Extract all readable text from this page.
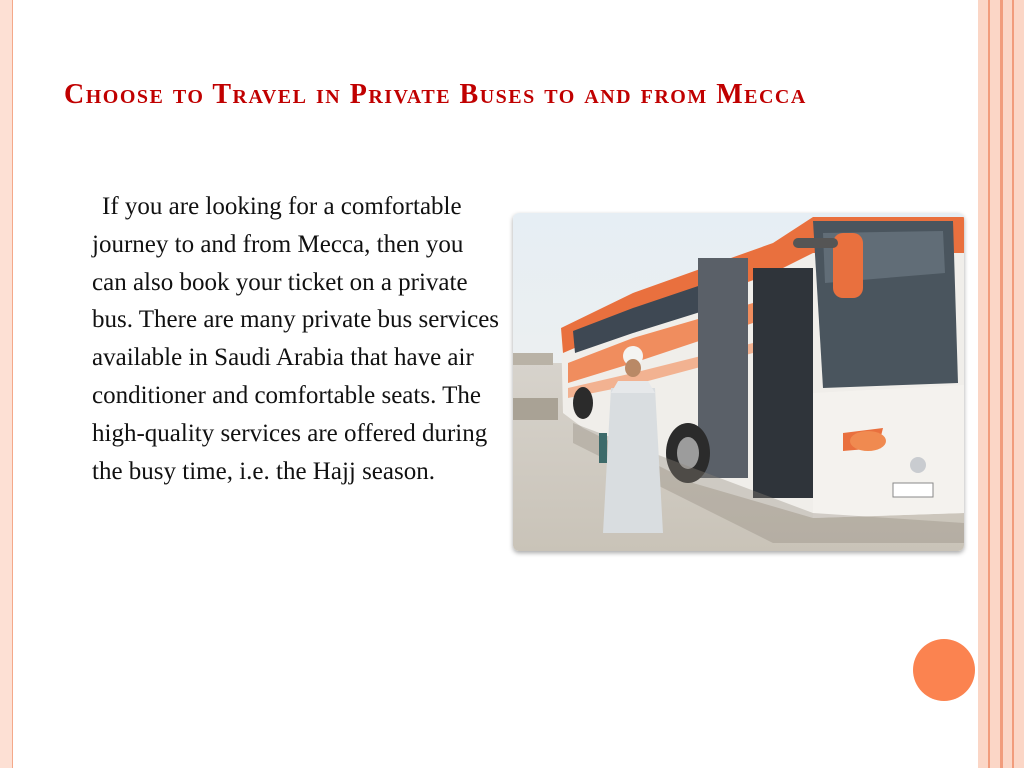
Choose to Travel in Private Buses to and from Mecca

If you are looking for a comfortable journey to and from Mecca, then you can also book your ticket on a private bus. There are many private bus services available in Saudi Arabia that have air conditioner and comfortable seats. The high-quality services are offered during the busy time, i.e. the Hajj season.
